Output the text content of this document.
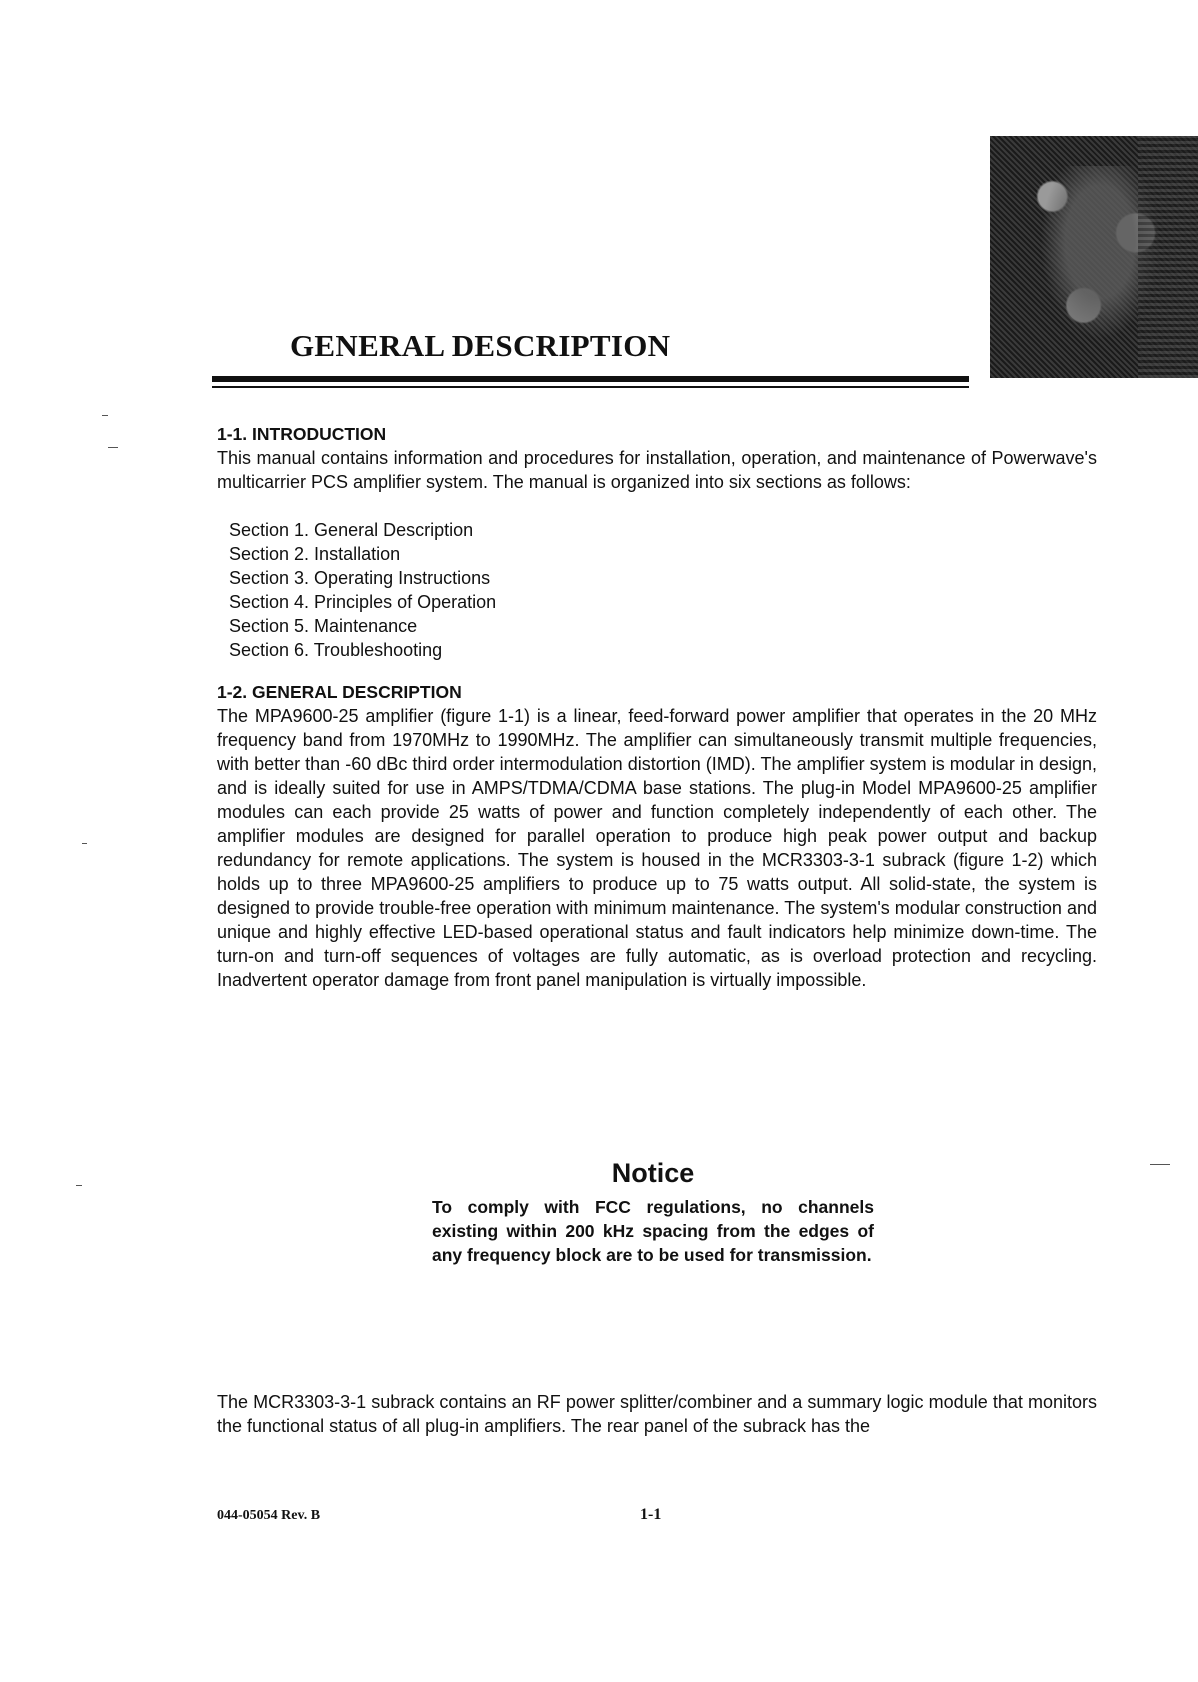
GENERAL DESCRIPTION

1-1. INTRODUCTION

This manual contains information and procedures for installation, operation, and maintenance of Powerwave's multicarrier PCS amplifier system. The manual is organized into six sections as follows:

Section 1. General Description
Section 2. Installation
Section 3. Operating Instructions
Section 4. Principles of Operation
Section 5. Maintenance
Section 6. Troubleshooting

1-2. GENERAL DESCRIPTION

The MPA9600-25 amplifier (figure 1-1) is a linear, feed-forward power amplifier that operates in the 20 MHz frequency band from 1970MHz to 1990MHz. The amplifier can simultaneously transmit multiple frequencies, with better than -60 dBc third order intermodulation distortion (IMD). The amplifier system is modular in design, and is ideally suited for use in AMPS/TDMA/CDMA base stations. The plug-in Model MPA9600-25 amplifier modules can each provide 25 watts of power and function completely independently of each other. The amplifier modules are designed for parallel operation to produce high peak power output and backup redundancy for remote applications. The system is housed in the MCR3303-3-1 subrack (figure 1-2) which holds up to three MPA9600-25 amplifiers to produce up to 75 watts output. All solid-state, the system is designed to provide trouble-free operation with minimum maintenance. The system's modular construction and unique and highly effective LED-based operational status and fault indicators help minimize down-time. The turn-on and turn-off sequences of voltages are fully automatic, as is overload protection and recycling. Inadvertent operator damage from front panel manipulation is virtually impossible.

Notice

To comply with FCC regulations, no channels existing within 200 kHz spacing from the edges of any frequency block are to be used for transmission.

The MCR3303-3-1 subrack contains an RF power splitter/combiner and a summary logic module that monitors the functional status of all plug-in amplifiers. The rear panel of the subrack has the

044-05054 Rev. B	1-1
